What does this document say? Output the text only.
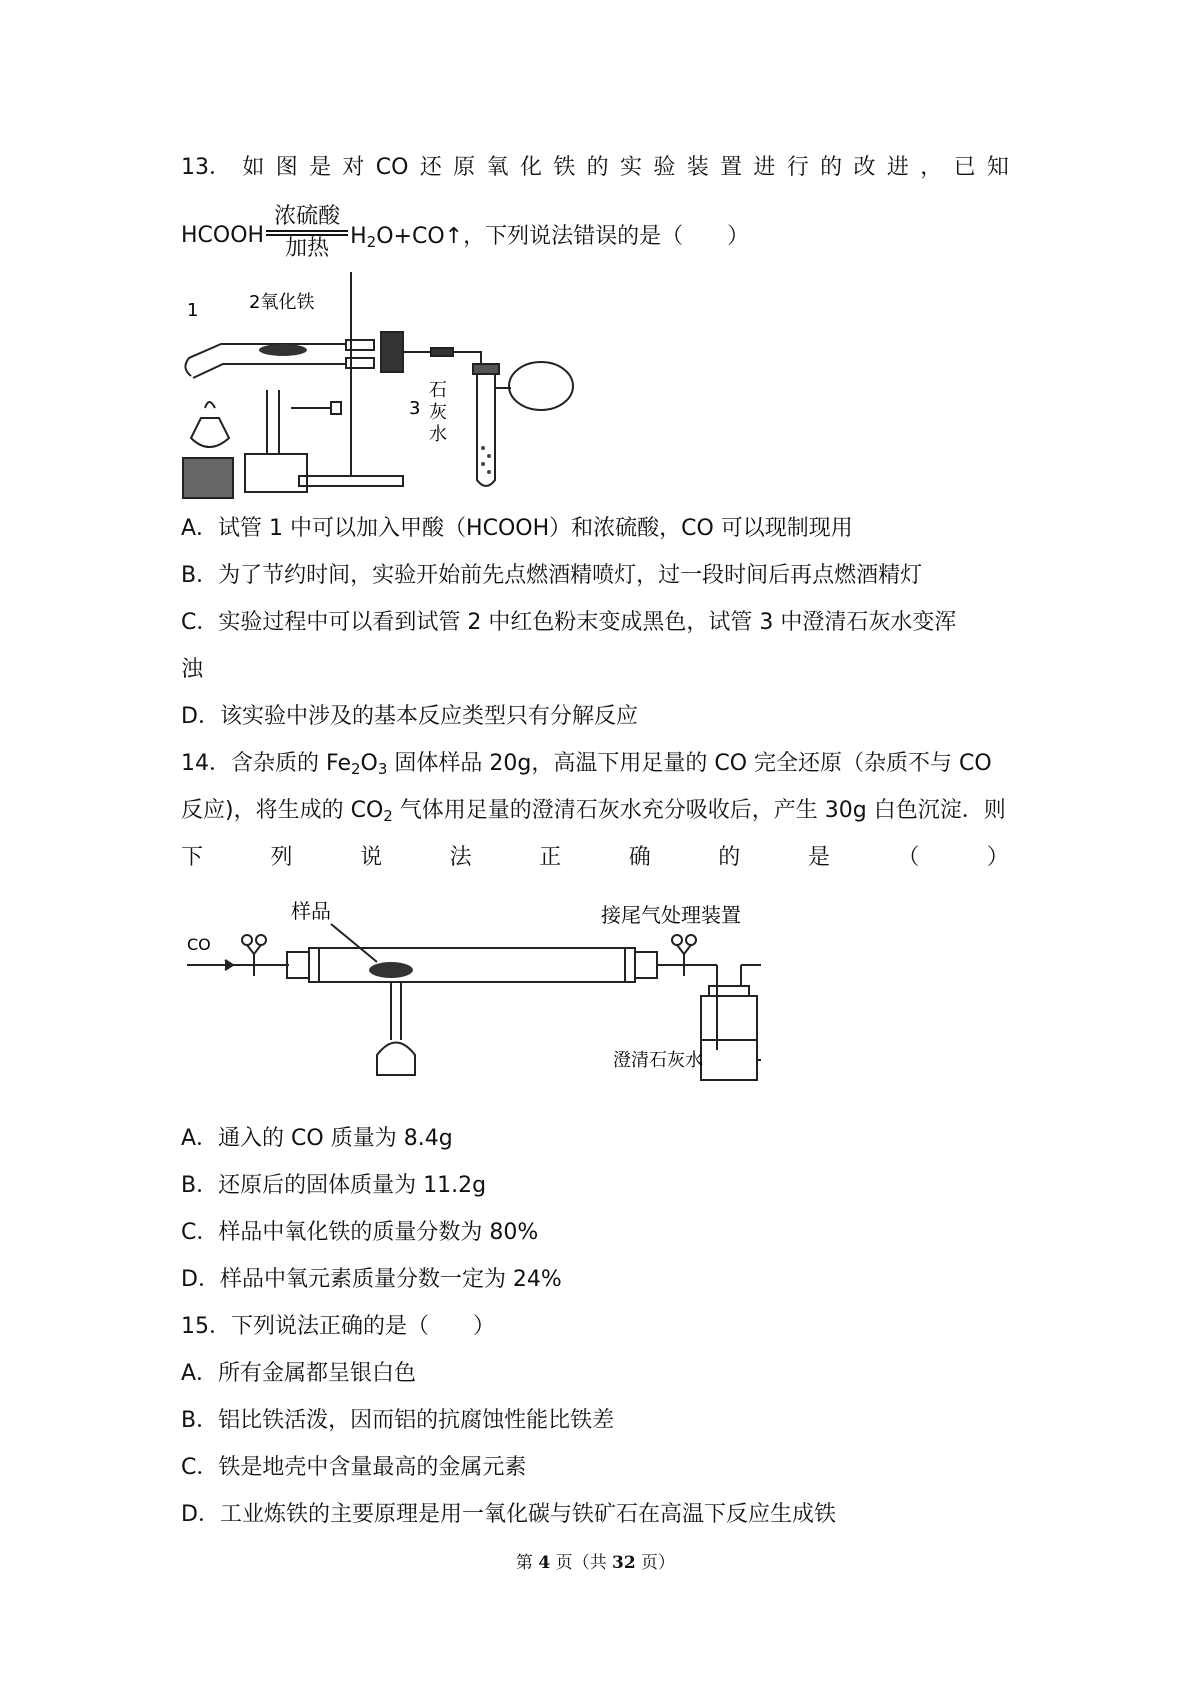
13． 如 图 是 对 CO 还 原 氧 化 铁 的 实 验 装 置 进 行 的 改 进 ， 已 知
HCOOH
浓硫酸
加热 $H_2O+CO↑$，下列说法错误的是（　　）
1	2氧化铁
3
石
灰
水
A．试管 1 中可以加入甲酸（HCOOH）和浓硫酸，CO 可以现制现用
B．为了节约时间，实验开始前先点燃酒精喷灯，过一段时间后再点燃酒精灯
C．实验过程中可以看到试管 2 中红色粉末变成黑色，试管 3 中澄清石灰水变浑
浊
D．该实验中涉及的基本反应类型只有分解反应
14．含杂质的 $Fe_2O_3$ 固体样品 20g，高温下用足量的 CO 完全还原（杂质不与 CO
反应)，将生成的 $CO_2$ 气体用足量的澄清石灰水充分吸收后，产生 30g 白色沉淀．则
下	列	说	法	正	确	的	是	（	）
样品
CO
接尾气处理装置
澄清石灰水
A．通入的 CO 质量为 8.4g
B．还原后的固体质量为 11.2g
C．样品中氧化铁的质量分数为 80%
D．样品中氧元素质量分数一定为 24%
15．下列说法正确的是（　　）
A．所有金属都呈银白色
B．铝比铁活泼，因而铝的抗腐蚀性能比铁差
C．铁是地壳中含量最高的金属元素
D．工业炼铁的主要原理是用一氧化碳与铁矿石在高温下反应生成铁
第 4 页（共 32 页）
